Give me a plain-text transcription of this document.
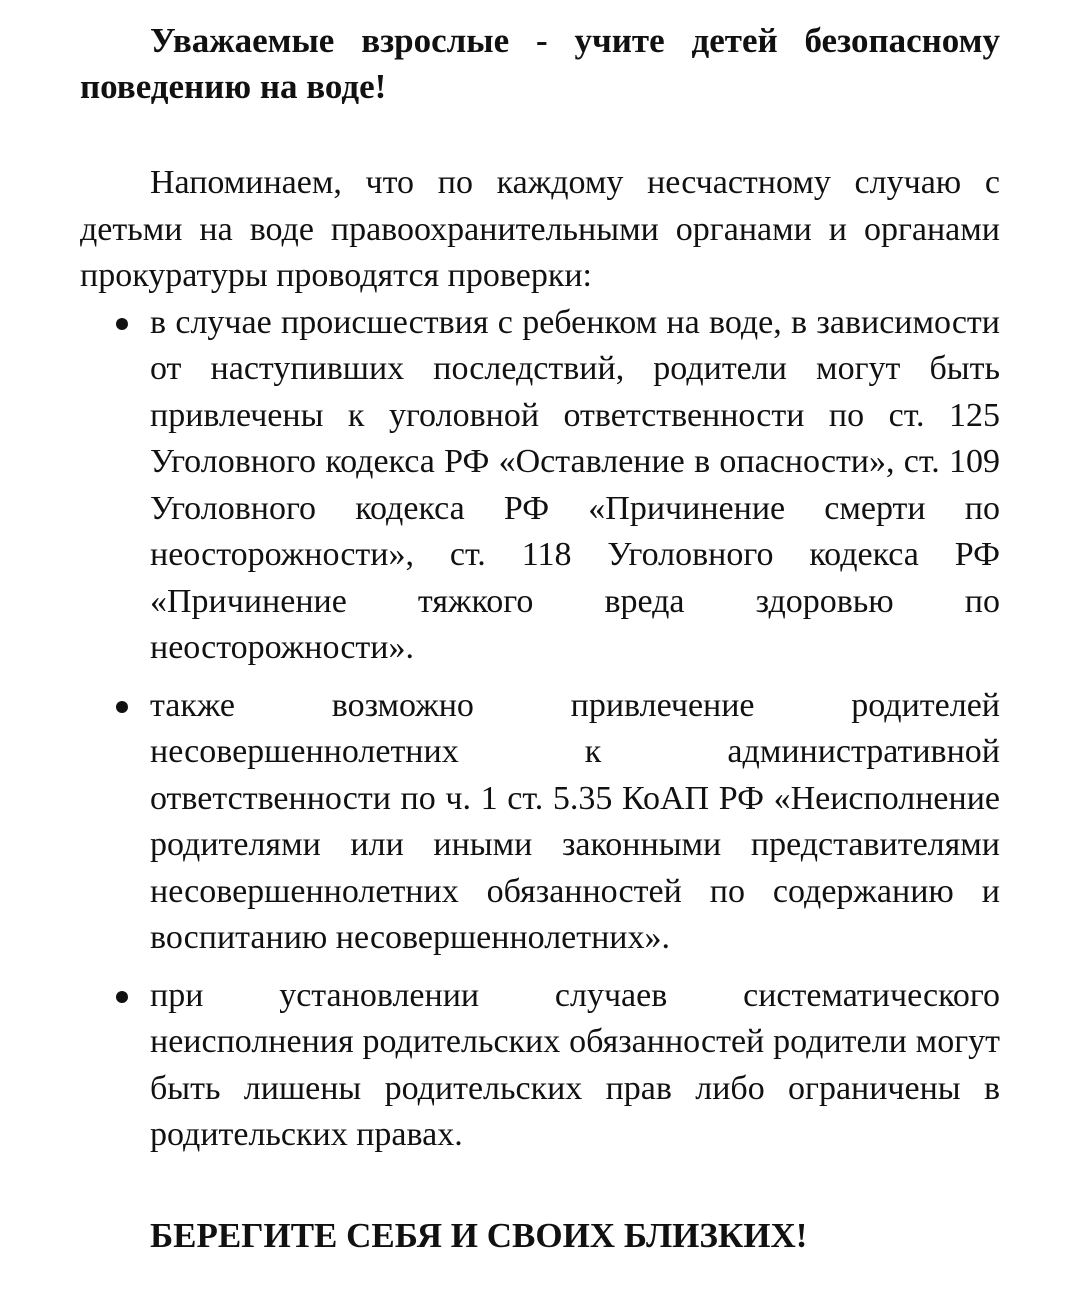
Уважаемые взрослые - учите детей безопасному поведению на воде!

Напоминаем, что по каждому несчастному случаю с детьми на воде правоохранительными органами и органами прокуратуры проводятся проверки:

в случае происшествия с ребенком на воде, в зависимости от наступивших последствий, родители могут быть привлечены к уголовной ответственности по ст. 125 Уголовного кодекса РФ «Оставление в опасности», ст. 109 Уголовного кодекса РФ «Причинение смерти по неосторожности», ст. 118 Уголовного кодекса РФ «Причинение тяжкого вреда здоровью по неосторожности».
также возможно привлечение родителей несовершеннолетних к административной ответственности по ч. 1 ст. 5.35 КоАП РФ «Неисполнение родителями или иными законными представителями несовершеннолетних обязанностей по содержанию и воспитанию несовершеннолетних».
при установлении случаев систематического неисполнения родительских обязанностей родители могут быть лишены родительских прав либо ограничены в родительских правах.

БЕРЕГИТЕ СЕБЯ И СВОИХ БЛИЗКИХ!
